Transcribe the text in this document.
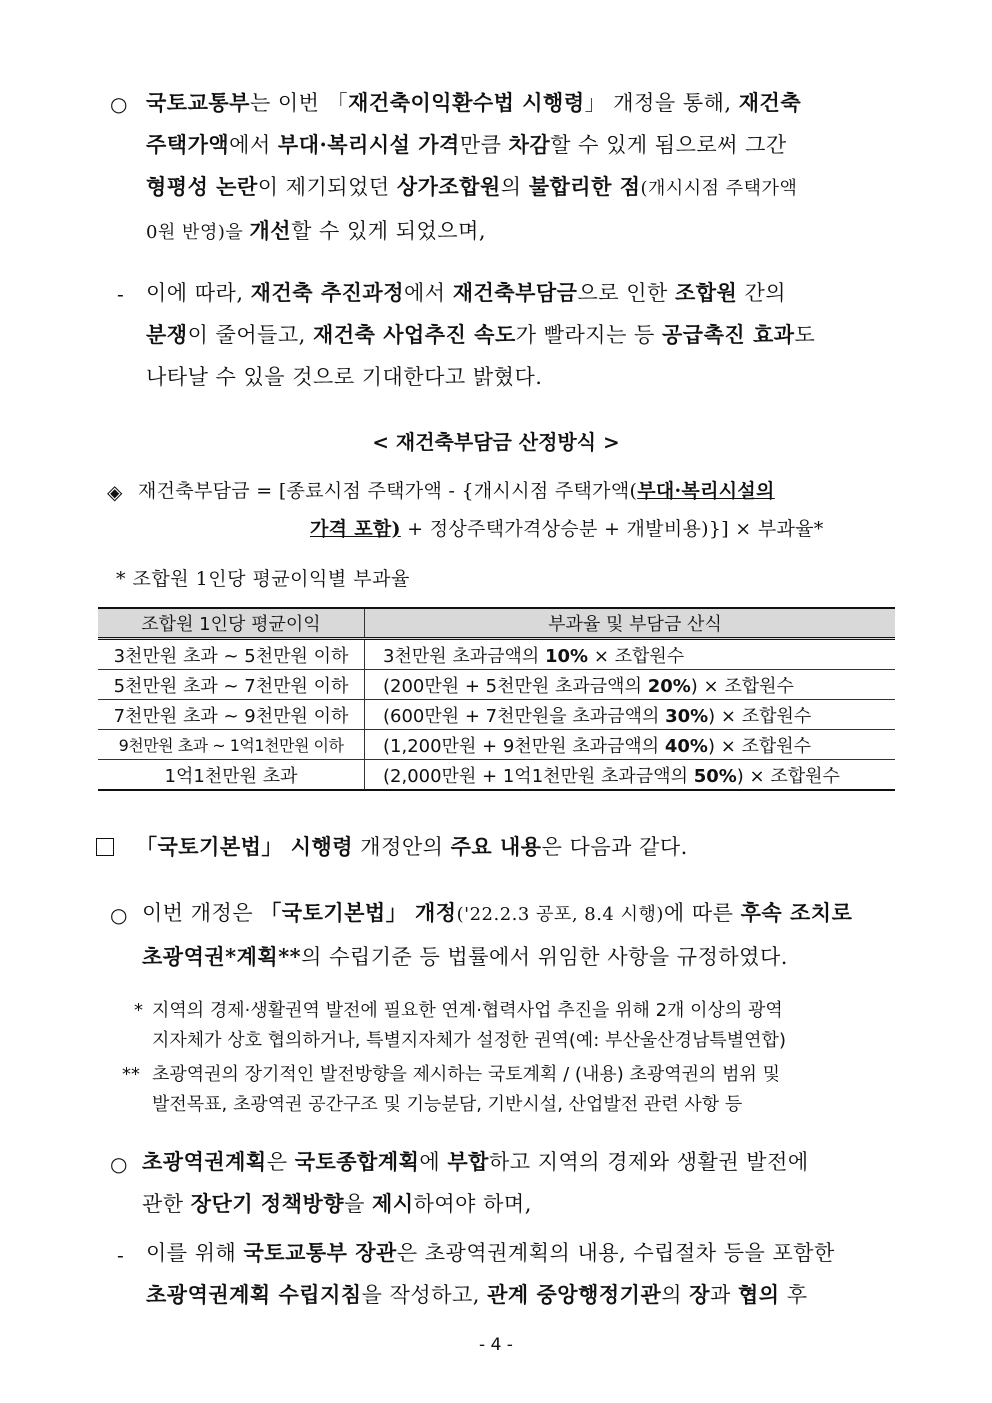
○ 국토교통부는 이번 「재건축이익환수법 시행령」 개정을 통해, 재건축
주택가액에서 부대·복리시설 가격만큼 차감할 수 있게 됨으로써 그간
형평성 논란이 제기되었던 상가조합원의 불합리한 점(개시시점 주택가액
0원 반영)을 개선할 수 있게 되었으며,
- 이에 따라, 재건축 추진과정에서 재건축부담금으로 인한 조합원 간의
분쟁이 줄어들고, 재건축 사업추진 속도가 빨라지는 등 공급촉진 효과도
나타날 수 있을 것으로 기대한다고 밝혔다.
< 재건축부담금 산정방식 >
◈ 재건축부담금 = [종료시점 주택가액 - {개시시점 주택가액(부대·복리시설의
가격 포함) + 정상주택가격상승분 + 개발비용)}] × 부과율*
* 조합원 1인당 평균이익별 부과율
조합원 1인당 평균이익	부과율 및 부담금 산식
3천만원 초과 ~ 5천만원 이하	3천만원 초과금액의 10% × 조합원수
5천만원 초과 ~ 7천만원 이하	(200만원 + 5천만원 초과금액의 20%) × 조합원수
7천만원 초과 ~ 9천만원 이하	(600만원 + 7천만원을 초과금액의 30%) × 조합원수
9천만원 초과 ~ 1억1천만원 이하	(1,200만원 + 9천만원 초과금액의 40%) × 조합원수
1억1천만원 초과	(2,000만원 + 1억1천만원 초과금액의 50%) × 조합원수
「국토기본법」 시행령 개정안의 주요 내용은 다음과 같다.
○ 이번 개정은 「국토기본법」 개정('22.2.3 공포, 8.4 시행)에 따른 후속 조치로
초광역권*계획**의 수립기준 등 법률에서 위임한 사항을 규정하였다.
* 지역의 경제·생활권역 발전에 필요한 연계·협력사업 추진을 위해 2개 이상의 광역
지자체가 상호 협의하거나, 특별지자체가 설정한 권역(예: 부산울산경남특별연합)
** 초광역권의 장기적인 발전방향을 제시하는 국토계획 / (내용) 초광역권의 범위 및
발전목표, 초광역권 공간구조 및 기능분담, 기반시설, 산업발전 관련 사항 등
○ 초광역권계획은 국토종합계획에 부합하고 지역의 경제와 생활권 발전에
관한 장단기 정책방향을 제시하여야 하며,
- 이를 위해 국토교통부 장관은 초광역권계획의 내용, 수립절차 등을 포함한
초광역권계획 수립지침을 작성하고, 관계 중앙행정기관의 장과 협의 후
- 4 -
